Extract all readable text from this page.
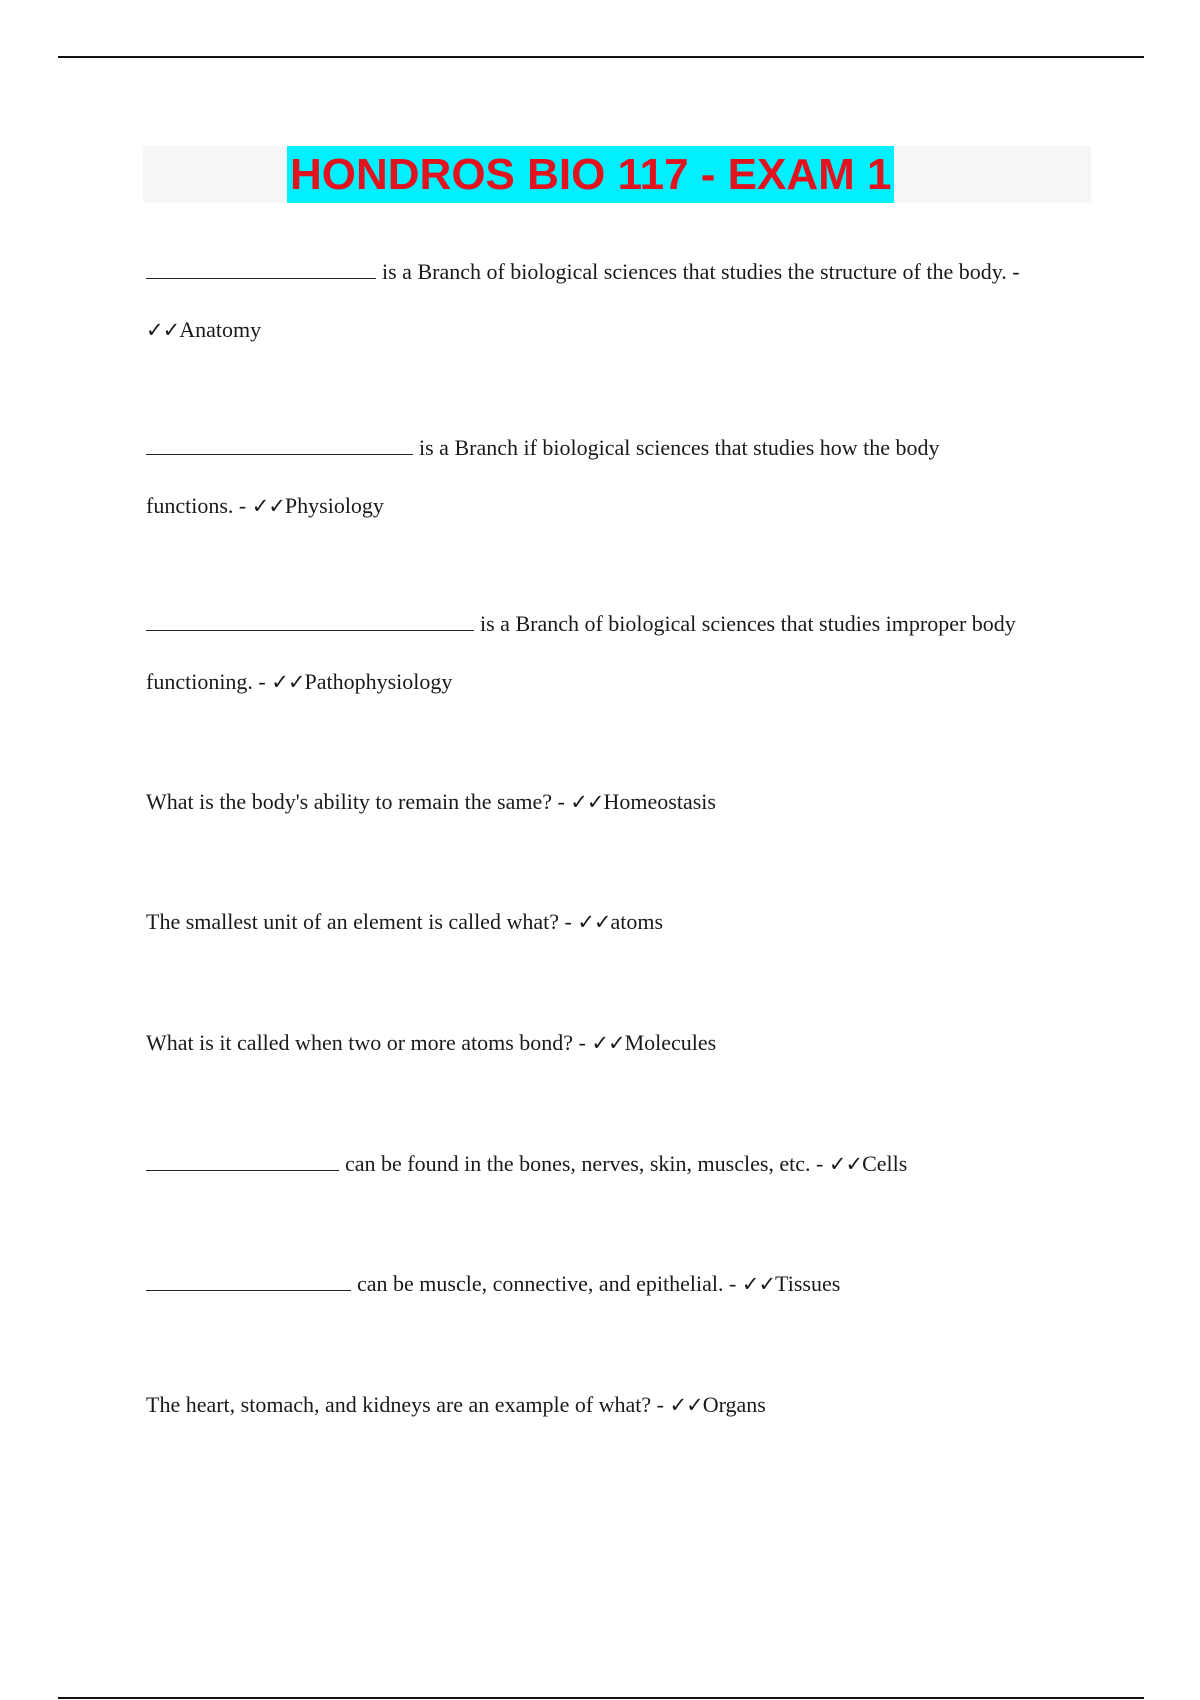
HONDROS BIO 117 - EXAM 1

is a Branch of biological sciences that studies the structure of the body. -
✓✓Anatomy

is a Branch if biological sciences that studies how the body functions. - ✓✓Physiology

is a Branch of biological sciences that studies improper body functioning. - ✓✓Pathophysiology

What is the body's ability to remain the same? - ✓✓Homeostasis

The smallest unit of an element is called what? - ✓✓atoms

What is it called when two or more atoms bond? - ✓✓Molecules

can be found in the bones, nerves, skin, muscles, etc. - ✓✓Cells

can be muscle, connective, and epithelial. - ✓✓Tissues

The heart, stomach, and kidneys are an example of what? - ✓✓Organs
